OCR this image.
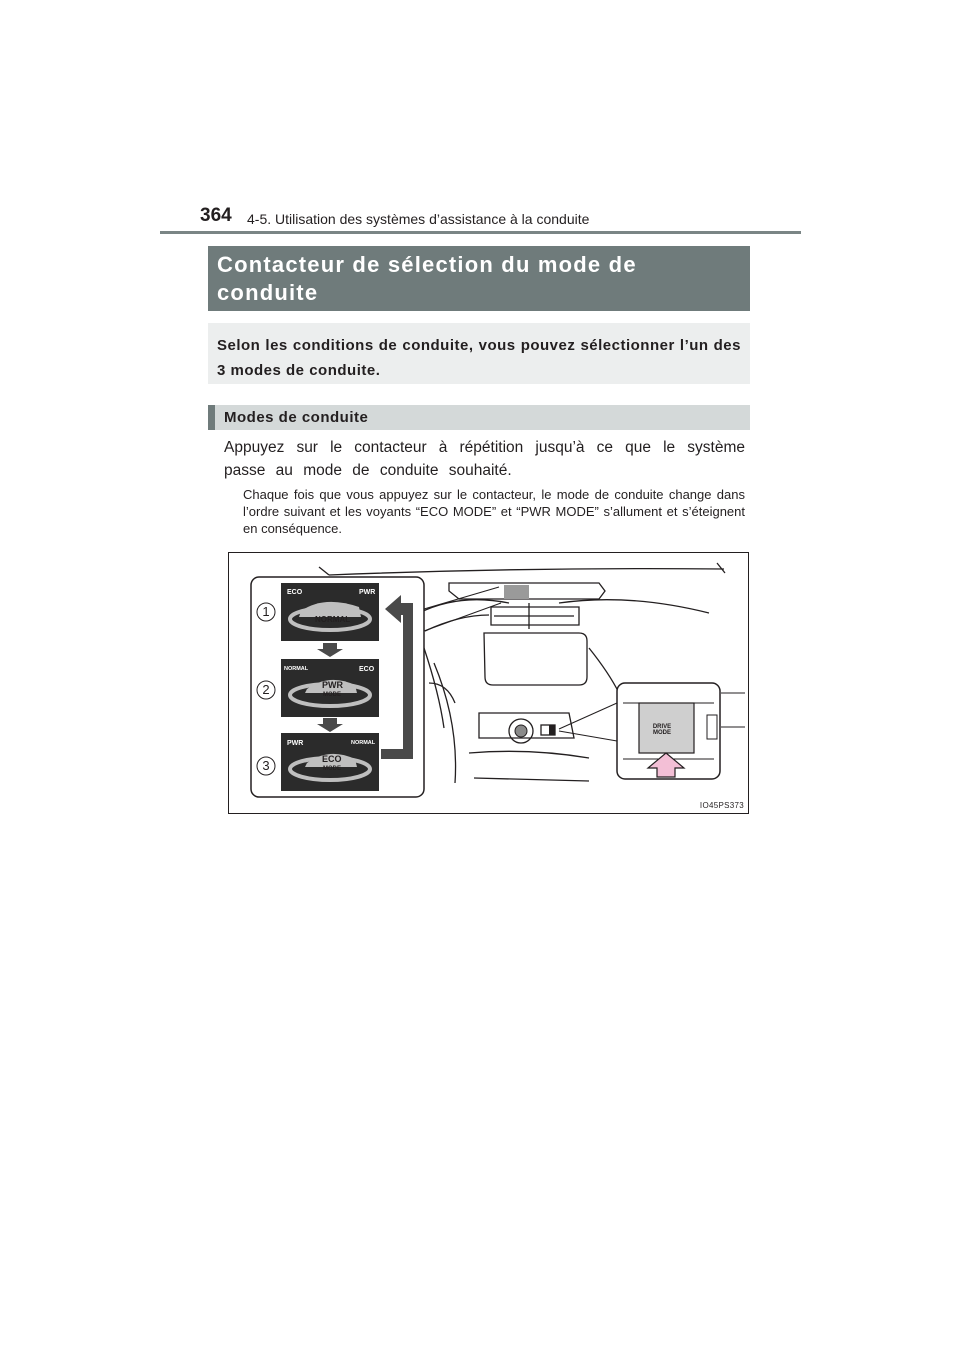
364 4-5. Utilisation des systèmes d’assistance à la conduite
Contacteur de sélection du mode de conduite
Selon les conditions de conduite, vous pouvez sélectionner l’un des 3 modes de conduite.
Modes de conduite
Appuyez sur le contacteur à répétition jusqu’à ce que le système passe au mode de conduite souhaité.
Chaque fois que vous appuyez sur le contacteur, le mode de conduite change dans l’ordre suivant et les voyants “ECO MODE” et “PWR MODE” s’allument et s’éteignent en conséquence.
1
2
3
ECO	PWR
NORMAL
NORMAL	ECO
PWR
MODE
PWR	NORMAL
ECO
MODE
DRIVE
MODE
IO45PS373
